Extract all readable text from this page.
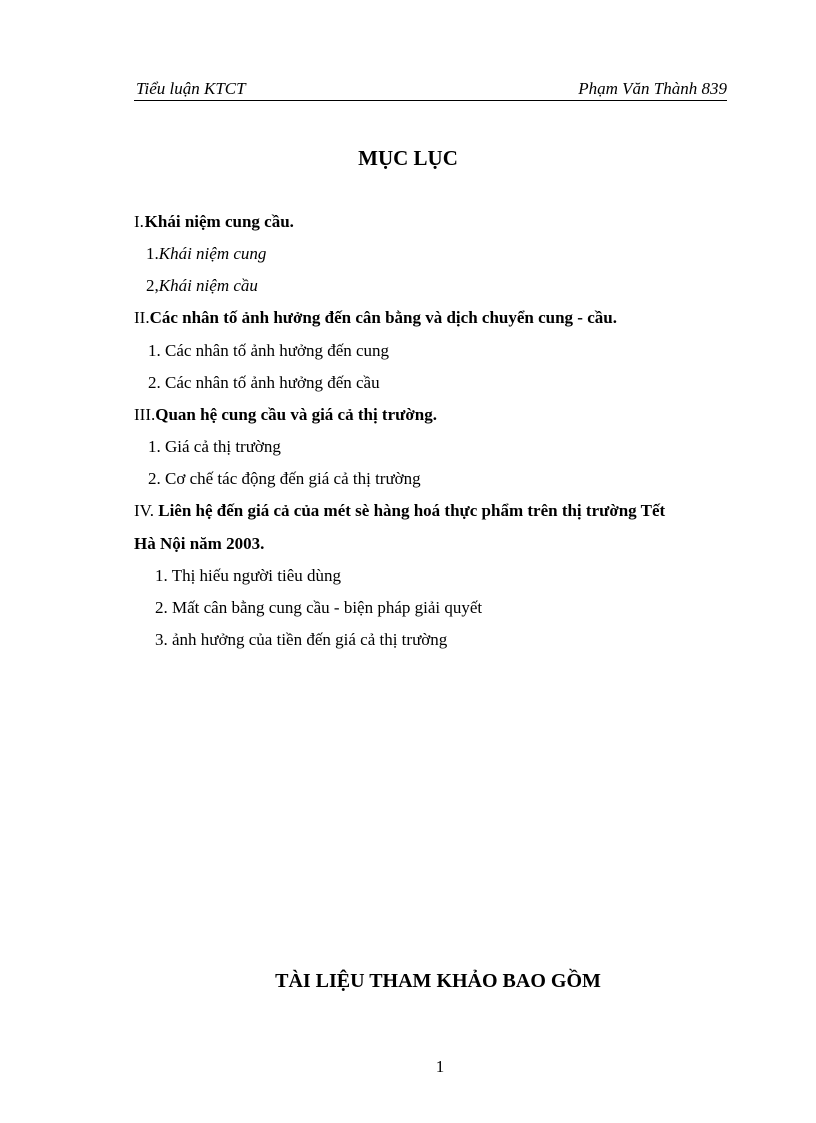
Tiểu luận KTCT	Phạm Văn Thành 839
MỤC LỤC
I. Khái niệm cung cầu.
1.Khái niệm cung
2,Khái niệm cầu
II.Các nhân tố ảnh hưởng đến cân bằng và dịch chuyển cung - cầu.
1. Các nhân tố ảnh hưởng đến cung
2. Các nhân tố ảnh hưởng đến cầu
III.Quan hệ cung cầu và giá cả thị trường.
1. Giá cả thị trường
2. Cơ chế tác động đến giá cả thị trường
IV. Liên hệ đến giá cả của mét sè hàng hoá thực phẩm trên thị trường Tết
Hà Nội năm 2003.
1. Thị hiếu người tiêu dùng
2. Mất cân bằng cung cầu - biện pháp giải quyết
3. ảnh hưởng của tiền đến giá cả thị trường
TÀI LIỆU THAM KHẢO BAO GỒM
1
